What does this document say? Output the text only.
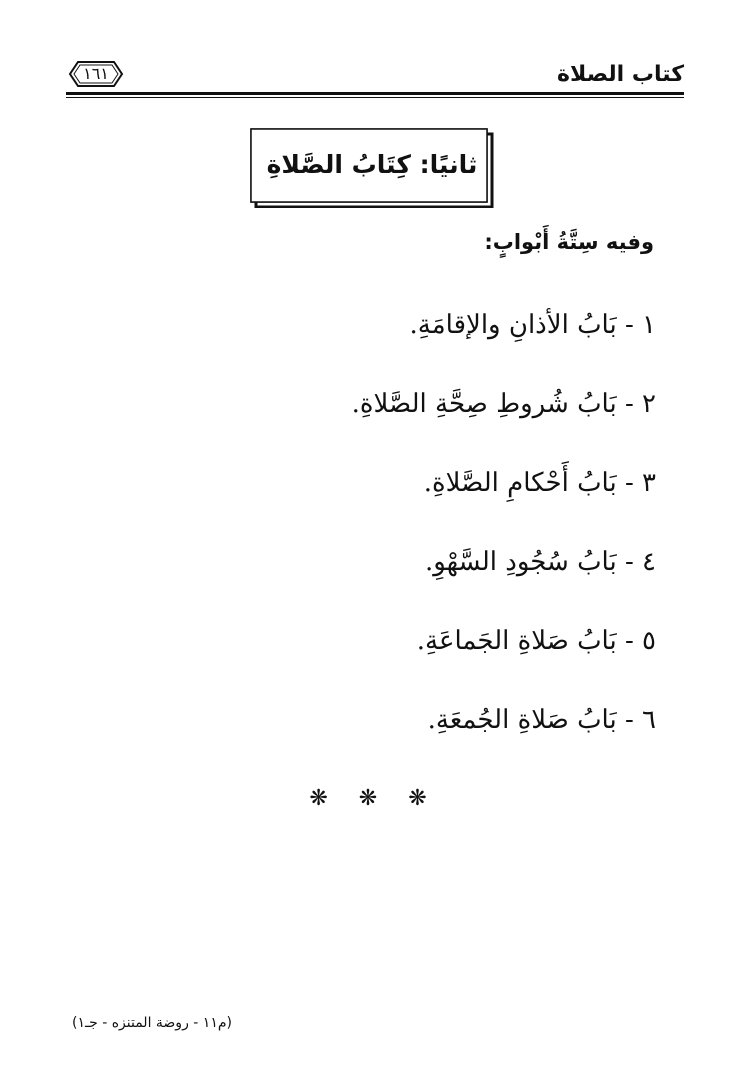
كتاب الصلاة
١٦١
ثانيًا: كِتَابُ الصَّلاةِ
وفيه سِتَّةُ أَبْوابٍ:
١ - بَابُ الأذانِ والإقامَةِ.
٢ - بَابُ شُروطِ صِحَّةِ الصَّلاةِ.
٣ - بَابُ أَحْكامِ الصَّلاةِ.
٤ - بَابُ سُجُودِ السَّهْوِ.
٥ - بَابُ صَلاةِ الجَماعَةِ.
٦ - بَابُ صَلاةِ الجُمعَةِ.
❋ ❋ ❋
(م١١ - روضة المتنزه - جـ١)
